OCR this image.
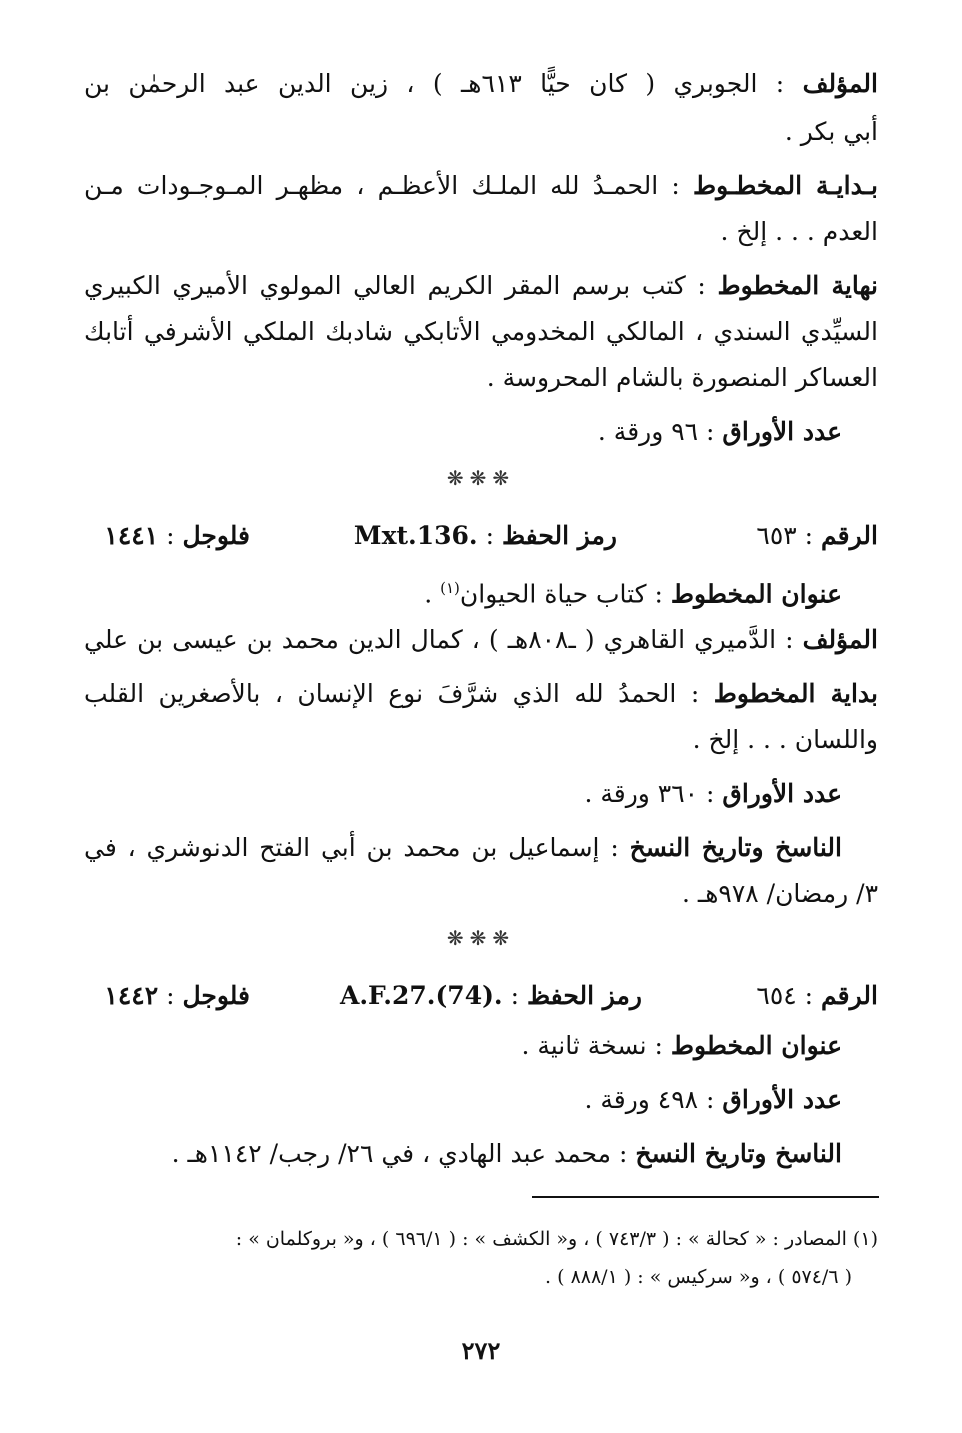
المؤلف : الجوبري ( كان حيًّا ٦١٣هـ ) ، زين الدين عبد الرحمٰن بن
أبي بكر .
بـدايـة المخطـوط : الحمـدُ لله الملـك الأعظـم ، مظهـر المـوجـودات مـن
العدم . . . إلخ .
نهاية المخطوط : كتب برسم المقر الكريم العالي المولوي الأميري الكبيري
السيِّدي السندي ، المالكي المخدومي الأتابكي شادبك الملكي الأشرفي أتابك
العساكر المنصورة بالشام المحروسة .
عدد الأوراق : ٩٦ ورقة .
❋❋❋
الرقم : ٦٥٣
رمز الحفظ : Mxt.136.
فلوجل : ١٤٤١
عنوان المخطوط : كتاب حياة الحيوان$^{(١)}$ .
المؤلف : الدَّميري القاهري ( ـ٨٠٨هـ ) ، كمال الدين محمد بن عيسى بن علي
بداية المخطوط : الحمدُ لله الذي شرَّفَ نوع الإنسان ، بالأصغرين القلب
واللسان . . . إلخ .
عدد الأوراق : ٣٦٠ ورقة .
الناسخ وتاريخ النسخ : إسماعيل بن محمد بن أبي الفتح الدنوشري ، في
٣/ رمضان/ ٩٧٨هـ .
❋❋❋
الرقم : ٦٥٤
رمز الحفظ : A.F.27.(74).
فلوجل : ١٤٤٢
عنوان المخطوط : نسخة ثانية .
عدد الأوراق : ٤٩٨ ورقة .
الناسخ وتاريخ النسخ : محمد عبد الهادي ، في ٢٦/ رجب/ ١١٤٢هـ .
(١) المصادر : « كحالة » : ( ٧٤٣/٣ ) ، و« الكشف » : ( ٦٩٦/١ ) ، و« بروكلمان » :
( ٥٧٤/٦ ) ، و« سركيس » : ( ٨٨٨/١ ) .
٢٧٢
